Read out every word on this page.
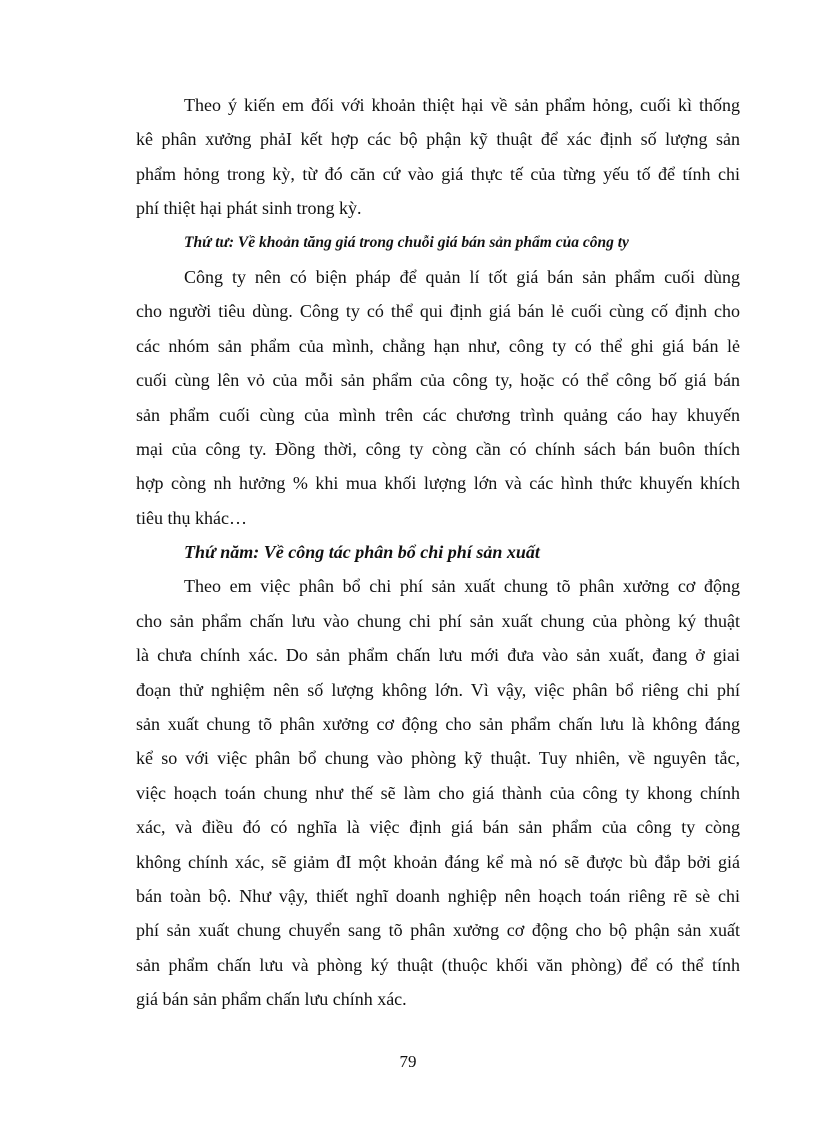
Theo ý kiến em đối với khoản thiệt hại về sản phẩm hỏng, cuối kì thống
kê phân xưởng phảI kết hợp các bộ phận kỹ thuật để xác định số lượng sản
phẩm hỏng trong kỳ, từ đó căn cứ vào giá thực tế của từng yếu tố để tính chi
phí thiệt hại phát sinh trong kỳ.
Thứ tư: Về khoản tăng giá trong chuỗi giá bán sản phẩm của công ty
Công ty nên có biện pháp để quản lí tốt giá bán sản phẩm cuối dùng
cho người tiêu dùng. Công ty có thể qui định giá bán lẻ cuối cùng cố định cho
các nhóm sản phẩm của mình, chẳng hạn như, công ty có thể ghi giá bán lẻ
cuối cùng lên vỏ của mỗi sản phẩm của công ty, hoặc có thể công bố giá bán
sản phẩm cuối cùng của mình trên các chương trình quảng cáo hay khuyến
mại của công ty. Đồng thời, công ty còng cần có chính sách bán buôn thích
hợp còng nh hưởng % khi mua khối lượng lớn và các hình thức khuyến khích
tiêu thụ khác…
Thứ năm: Về công tác phân bổ chi phí sản xuất
Theo em việc phân bổ chi phí sản xuất chung tõ phân xưởng cơ động
cho sản phẩm chấn lưu vào chung chi phí sản xuất chung của phòng ký thuật
là chưa chính xác. Do sản phẩm chấn lưu mới đưa vào sản xuất, đang ở giai
đoạn thử nghiệm nên số lượng không lớn. Vì vậy, việc phân bổ riêng chi phí
sản xuất chung tõ phân xưởng cơ động cho sản phẩm chấn lưu là không đáng
kể so với việc phân bổ chung vào phòng kỹ thuật. Tuy nhiên, về nguyên tắc,
việc hoạch toán chung như thế sẽ làm cho giá thành của công ty khong chính
xác, và điều đó có nghĩa là việc định giá bán sản phẩm của công ty còng
không chính xác, sẽ giảm đI một khoản đáng kể mà nó sẽ được bù đắp bởi giá
bán toàn bộ. Như vậy, thiết nghĩ doanh nghiệp nên hoạch toán riêng rẽ sè chi
phí sản xuất chung chuyển sang tõ phân xưởng cơ động cho bộ phận sản xuất
sản phẩm chấn lưu và phòng ký thuật (thuộc khối văn phòng) để có thể tính
giá bán sản phẩm chấn lưu chính xác.
79
